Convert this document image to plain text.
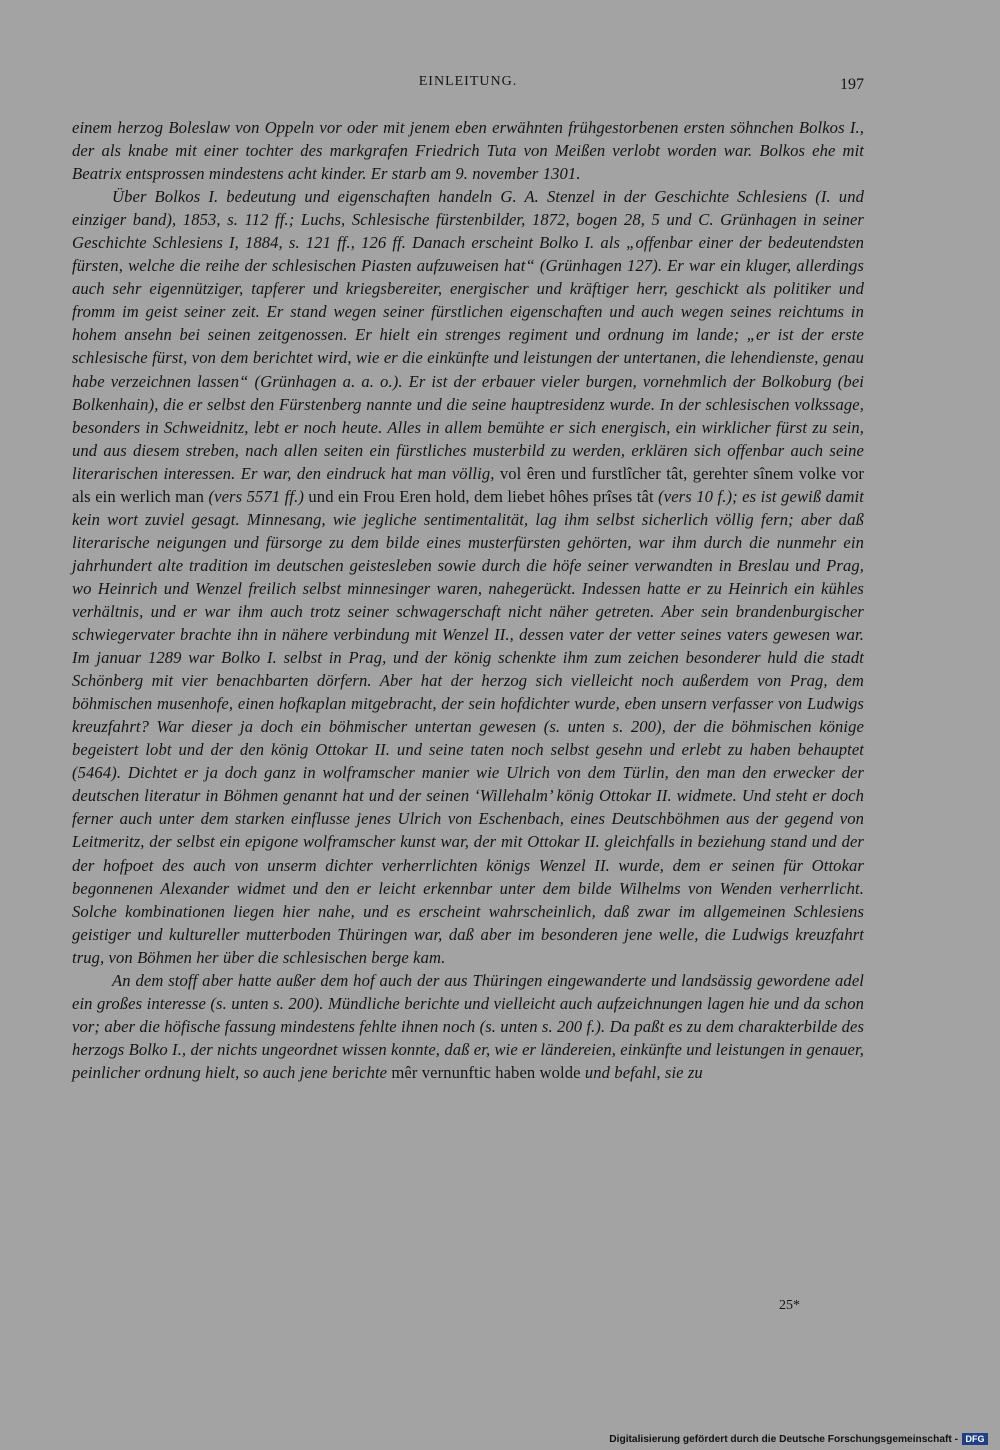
EINLEITUNG.	197

einem herzog Boleslaw von Oppeln vor oder mit jenem eben erwähnten frühgestorbenen ersten söhnchen Bolkos I., der als knabe mit einer tochter des markgrafen Friedrich Tuta von Meißen verlobt worden war. Bolkos ehe mit Beatrix entsprossen mindestens acht kinder. Er starb am 9. november 1301.

Über Bolkos I. bedeutung und eigenschaften handeln G. A. Stenzel in der Geschichte Schlesiens (I. und einziger band), 1853, s. 112 ff.; Luchs, Schlesische fürstenbilder, 1872, bogen 28, 5 und C. Grünhagen in seiner Geschichte Schlesiens I, 1884, s. 121 ff., 126 ff. Danach erscheint Bolko I. als „offenbar einer der bedeutendsten fürsten, welche die reihe der schlesischen Piasten aufzuweisen hat“ (Grünhagen 127). Er war ein kluger, allerdings auch sehr eigennütziger, tapferer und kriegsbereiter, energischer und kräftiger herr, geschickt als politiker und fromm im geist seiner zeit. Er stand wegen seiner fürstlichen eigenschaften und auch wegen seines reichtums in hohem ansehn bei seinen zeitgenossen. Er hielt ein strenges regiment und ordnung im lande; „er ist der erste schlesische fürst, von dem berichtet wird, wie er die einkünfte und leistungen der untertanen, die lehendienste, genau habe verzeichnen lassen“ (Grünhagen a. a. o.). Er ist der erbauer vieler burgen, vornehmlich der Bolkoburg (bei Bolkenhain), die er selbst den Fürstenberg nannte und die seine hauptresidenz wurde. In der schlesischen volkssage, besonders in Schweidnitz, lebt er noch heute. Alles in allem bemühte er sich energisch, ein wirklicher fürst zu sein, und aus diesem streben, nach allen seiten ein fürstliches musterbild zu werden, erklären sich offenbar auch seine literarischen interessen. Er war, den eindruck hat man völlig, vol êren und furstlîcher tât, gerehter sînem volke vor als ein werlich man (vers 5571 ff.) und ein Frou Eren hold, dem liebet hôhes prîses tât (vers 10 f.); es ist gewiß damit kein wort zuviel gesagt. Minnesang, wie jegliche sentimentalität, lag ihm selbst sicherlich völlig fern; aber daß literarische neigungen und fürsorge zu dem bilde eines musterfürsten gehörten, war ihm durch die nunmehr ein jahrhundert alte tradition im deutschen geistesleben sowie durch die höfe seiner verwandten in Breslau und Prag, wo Heinrich und Wenzel freilich selbst minnesinger waren, nahegerückt. Indessen hatte er zu Heinrich ein kühles verhältnis, und er war ihm auch trotz seiner schwagerschaft nicht näher getreten. Aber sein brandenburgischer schwiegervater brachte ihn in nähere verbindung mit Wenzel II., dessen vater der vetter seines vaters gewesen war. Im januar 1289 war Bolko I. selbst in Prag, und der könig schenkte ihm zum zeichen besonderer huld die stadt Schönberg mit vier benachbarten dörfern. Aber hat der herzog sich vielleicht noch außerdem von Prag, dem böhmischen musenhofe, einen hofkaplan mitgebracht, der sein hofdichter wurde, eben unsern verfasser von Ludwigs kreuzfahrt? War dieser ja doch ein böhmischer untertan gewesen (s. unten s. 200), der die böhmischen könige begeistert lobt und der den könig Ottokar II. und seine taten noch selbst gesehn und erlebt zu haben behauptet (5464). Dichtet er ja doch ganz in wolframscher manier wie Ulrich von dem Türlin, den man den erwecker der deutschen literatur in Böhmen genannt hat und der seinen ‘Willehalm’ könig Ottokar II. widmete. Und steht er doch ferner auch unter dem starken einflusse jenes Ulrich von Eschenbach, eines Deutschböhmen aus der gegend von Leitmeritz, der selbst ein epigone wolframscher kunst war, der mit Ottokar II. gleichfalls in beziehung stand und der der hofpoet des auch von unserm dichter verherrlichten königs Wenzel II. wurde, dem er seinen für Ottokar begonnenen Alexander widmet und den er leicht erkennbar unter dem bilde Wilhelms von Wenden verherrlicht. Solche kombinationen liegen hier nahe, und es erscheint wahrscheinlich, daß zwar im allgemeinen Schlesiens geistiger und kultureller mutterboden Thüringen war, daß aber im besonderen jene welle, die Ludwigs kreuzfahrt trug, von Böhmen her über die schlesischen berge kam.

An dem stoff aber hatte außer dem hof auch der aus Thüringen eingewanderte und landsässig gewordene adel ein großes interesse (s. unten s. 200). Mündliche berichte und vielleicht auch aufzeichnungen lagen hie und da schon vor; aber die höfische fassung mindestens fehlte ihnen noch (s. unten s. 200 f.). Da paßt es zu dem charakterbilde des herzogs Bolko I., der nichts ungeordnet wissen konnte, daß er, wie er ländereien, einkünfte und leistungen in genauer, peinlicher ordnung hielt, so auch jene berichte mêr vernunftic haben wolde und befahl, sie zu

25*
Digitalisierung gefördert durch die Deutsche Forschungsgemeinschaft - DFG
